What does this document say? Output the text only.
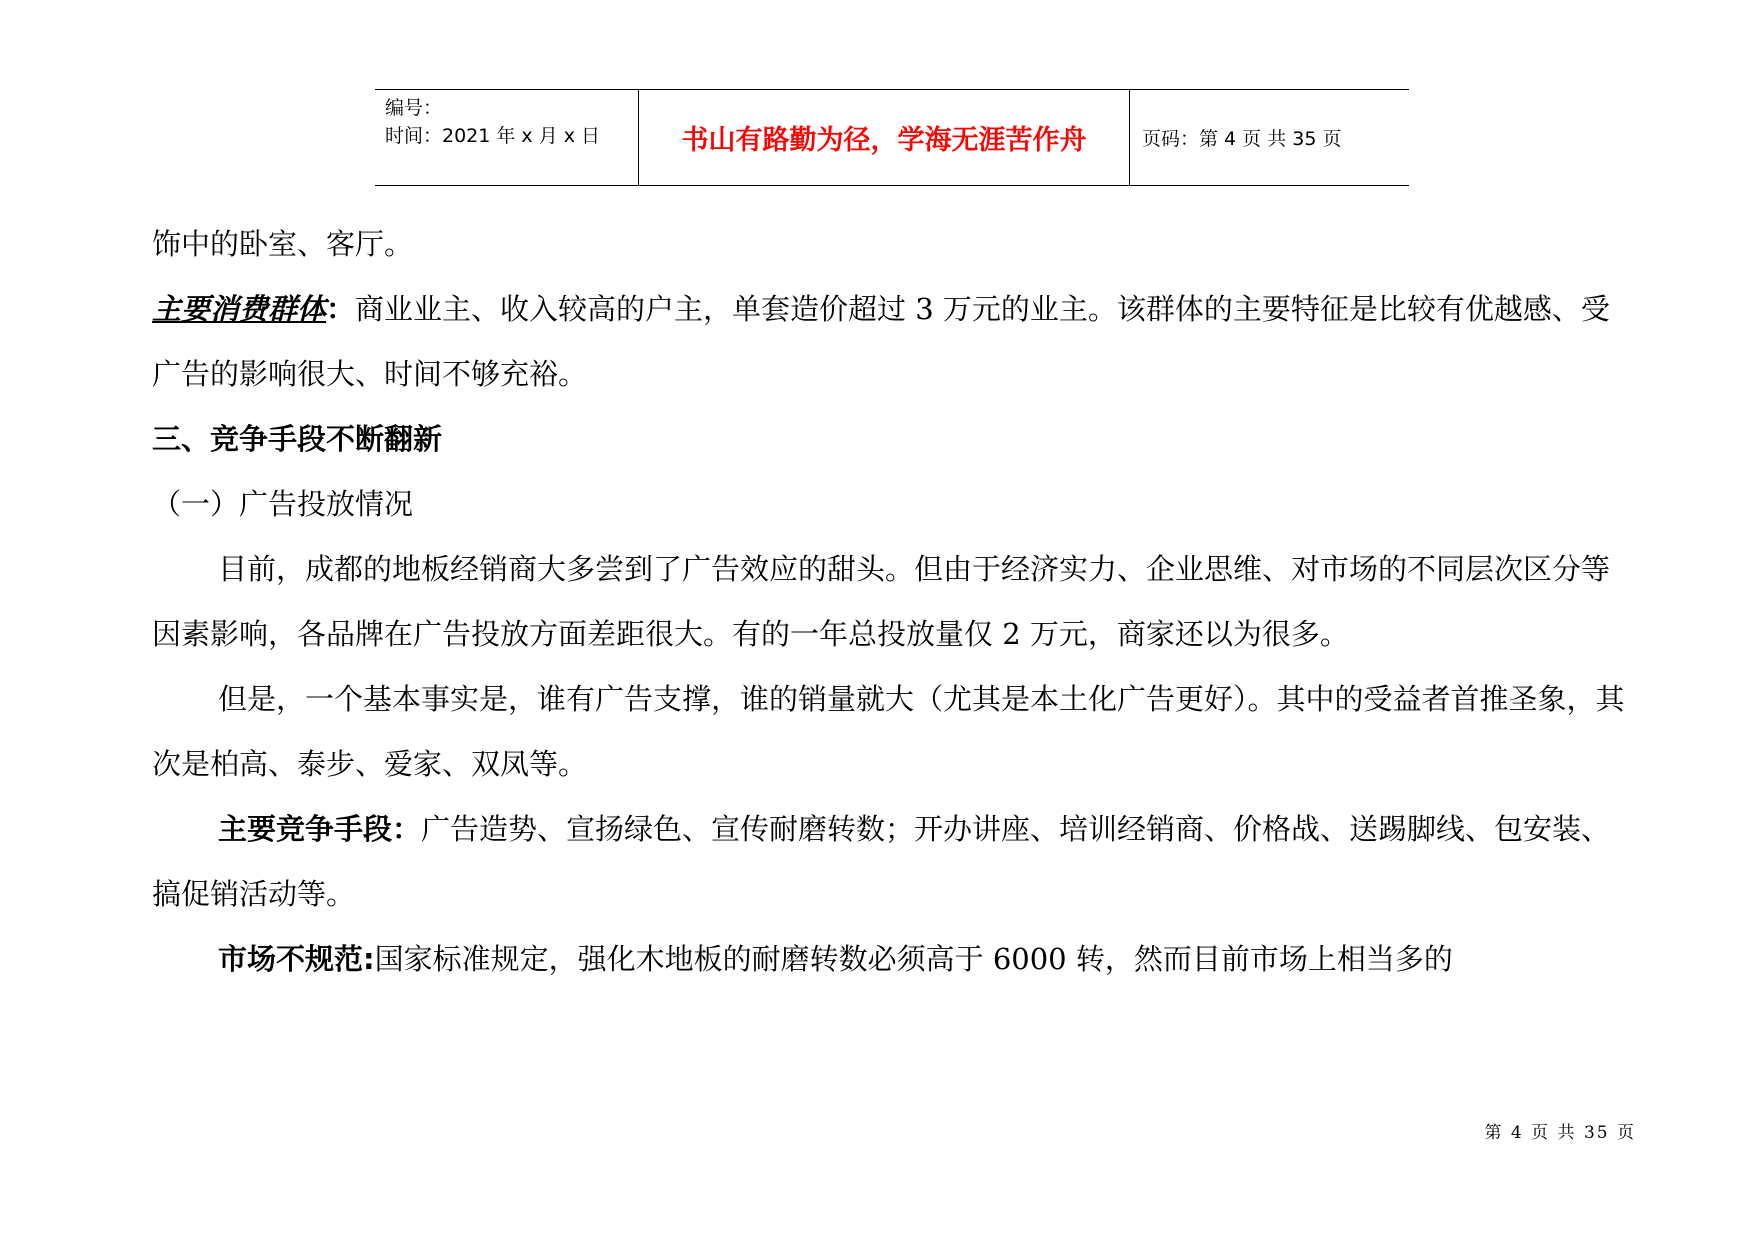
编号：
时间：2021 年 x 月 x 日	书山有路勤为径，学海无涯苦作舟	页码：第 4 页 共 35 页

饰中的卧室、客厅。

主要消费群体：商业业主、收入较高的户主，单套造价超过 3 万元的业主。该群体的主要特征是比较有优越感、受广告的影响很大、时间不够充裕。

三、竞争手段不断翻新

（一）广告投放情况

目前，成都的地板经销商大多尝到了广告效应的甜头。但由于经济实力、企业思维、对市场的不同层次区分等因素影响，各品牌在广告投放方面差距很大。有的一年总投放量仅 2 万元，商家还以为很多。

但是，一个基本事实是，谁有广告支撑，谁的销量就大（尤其是本土化广告更好）。其中的受益者首推圣象，其次是柏高、泰步、爱家、双凤等。

主要竞争手段：广告造势、宣扬绿色、宣传耐磨转数；开办讲座、培训经销商、价格战、送踢脚线、包安装、搞促销活动等。

市场不规范:国家标准规定，强化木地板的耐磨转数必须高于 6000 转，然而目前市场上相当多的

第 4 页 共 35 页
